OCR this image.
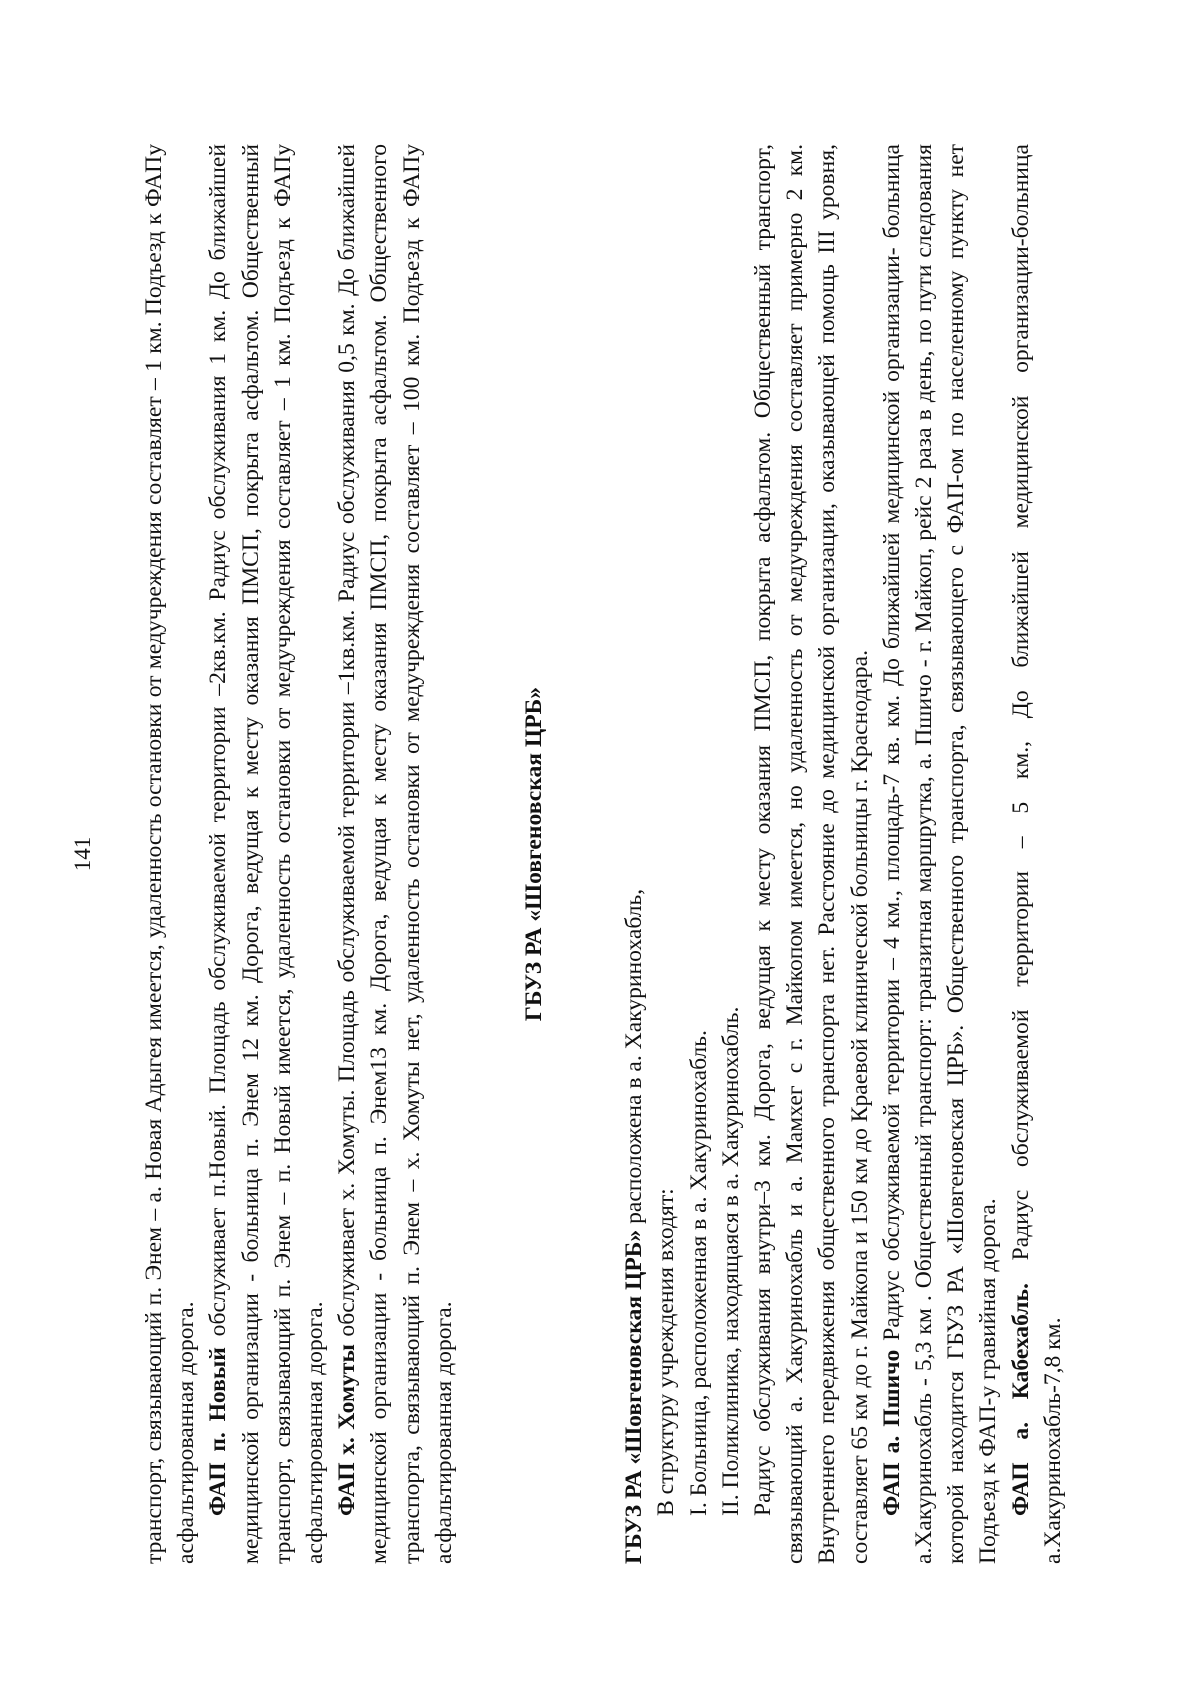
141 транспорт, связывающий п. Энем – а. Новая Адыгея имеется, удаленность остановки от медучреждения составляет – 1 км. Подъезд к ФАПу асфальтированная дорога. ФАП п. Новый обслуживает п.Новый. Площадь обслуживаемой территории –2кв.км. Радиус обслуживания 1 км. До ближайшей медицинской организации - больница п. Энем 12 км. Дорога, ведущая к месту оказания ПМСП, покрыта асфальтом. Общественный транспорт, связывающий п. Энем – п. Новый имеется, удаленность остановки от медучреждения составляет – 1 км. Подъезд к ФАПу асфальтированная дорога. ФАП х. Хомуты обслуживает х. Хомуты. Площадь обслуживаемой территории –1кв.км. Радиус обслуживания 0,5 км. До ближайшей медицинской организации - больница п. Энем13 км. Дорога, ведущая к месту оказания ПМСП, покрыта асфальтом. Общественного транспорта, связывающий п. Энем – х. Хомуты нет, удаленность остановки от медучреждения составляет – 100 км. Подъезд к ФАПу асфальтированная дорога.

ГБУЗ РА «Шовгеновская ЦРБ»

ГБУЗ РА «Шовгеновская ЦРБ» расположена в а. Хакуринохабль,

В структуру учреждения входят: I. Больница, расположенная в а. Хакуринохабль. II. Поликлиника, находящаяся в а. Хакуринохабль. Радиус обслуживания внутри–3 км. Дорога, ведущая к месту оказания ПМСП, покрыта асфальтом. Общественный транспорт, связывающий а. Хакуринохабль и а. Мамхег с г. Майкопом имеется, но удаленность от медучреждения составляет примерно 2 км. Внутреннего передвижения общественного транспорта нет. Расстояние до медицинской организации, оказывающей помощь III уровня, составляет 65 км до г. Майкопа и 150 км до Краевой клинической больницы г. Краснодара. ФАП а. Пшичо Радиус обслуживаемой территории – 4 км., площадь-7 кв. км. До ближайшей медицинской организации- больница а.Хакуринохабль - 5,3 км . Общественный транспорт: транзитная маршрутка, а. Пшичо - г. Майкоп, рейс 2 раза в день, по пути следования которой находится ГБУЗ РА «Шовгеновская ЦРБ». Общественного транспорта, связывающего с ФАП-ом по населенному пункту нет Подъезд к ФАП-у гравийная дорога. ФАП а. Кабехабль. Радиус обслуживаемой территории – 5 км., До ближайшей медицинской организации-больница а.Хакуринохабль-7,8 км.
